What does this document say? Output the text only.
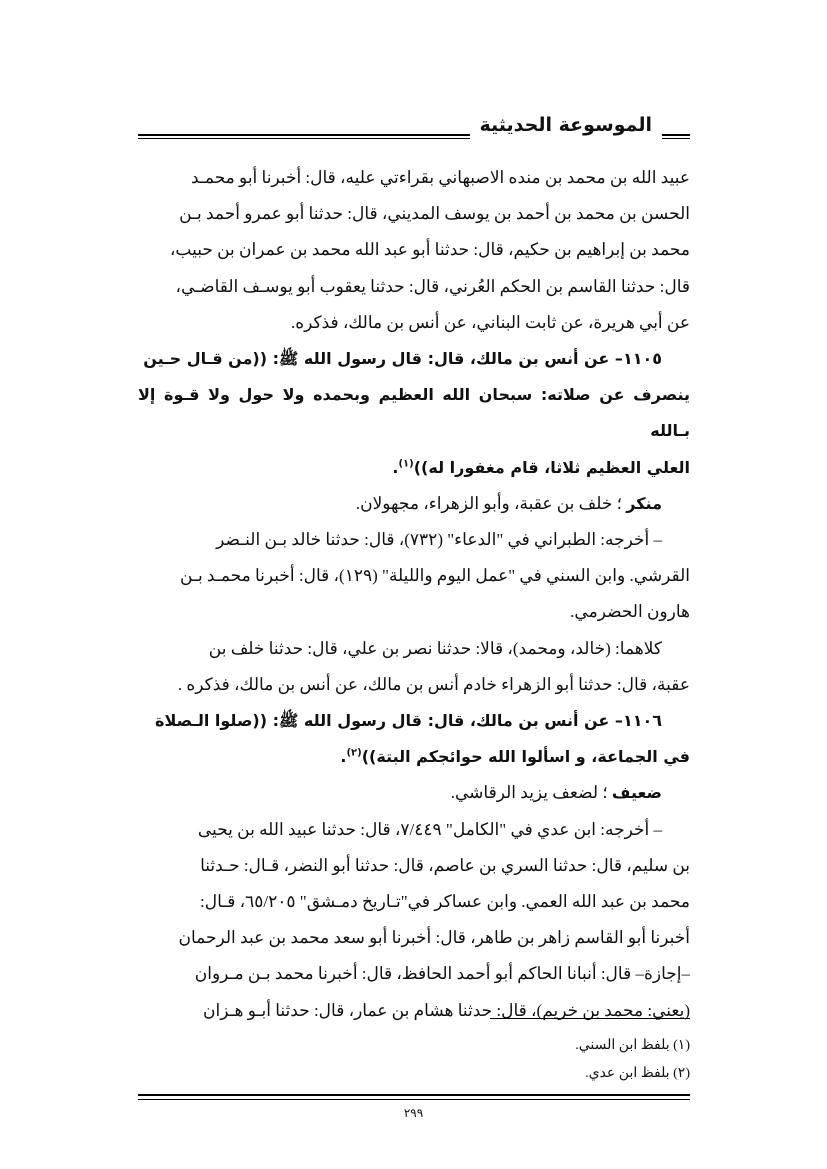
الموسوعة الحديثية

عبيد الله بن محمد بن منده الاصبهاني بقراءتي عليه، قال: أخبرنا أبو محمـد

الحسن بن محمد بن أحمد بن يوسف المديني، قال: حدثنا أبو عمرو أحمد بـن

محمد بن إبراهيم بن حكيم، قال: حدثنا أبو عبد الله محمد بن عمران بن حبيب،

قال: حدثنا القاسم بن الحكم العُرني، قال: حدثنا يعقوب أبو يوسـف القاضـي،

عن أبي هريرة، عن ثابت البناني، عن أنس بن مالك، فذكره.

١١٠٥– عن أنس بن مالك، قال: قال رسول الله ﷺ: ((من قـال حـين

ينصرف عن صلاته: سبحان الله العظيم وبحمده ولا حول ولا قـوة إلا بـالله

العلي العظيم ثلاثا، قام مغفورا له))$^{(١)}$.

منكر ؛ خلف بن عقبة، وأبو الزهراء، مجهولان.

– أخرجه: الطبراني في "الدعاء" (٧٣٢)، قال: حدثنا خالد بـن النـضر

القرشي. وابن السني في "عمل اليوم والليلة" (١٢٩)، قال: أخبرنا محمـد بـن

هارون الحضرمي.

كلاهما: (خالد، ومحمد)، قالا: حدثنا نصر بن علي، قال: حدثنا خلف بن

عقبة، قال: حدثنا أبو الزهراء خادم أنس بن مالك، عن أنس بن مالك، فذكره .

١١٠٦– عن أنس بن مالك، قال: قال رسول الله ﷺ: ((صلوا الـصلاة

في الجماعة، و اسألوا الله حوائجكم البتة))$^{(٢)}$.

ضعيف ؛ لضعف يزيد الرقاشي.

– أخرجه: ابن عدي في "الكامل" ٧/٤٤٩، قال: حدثنا عبيد الله بن يحيى

بن سليم، قال: حدثنا السري بن عاصم، قال: حدثنا أبو النضر، قـال: حـدثنا

محمد بن عبد الله العمي. وابن عساكر في"تـاريخ دمـشق" ٦٥/٢٠٥، قـال:

أخبرنا أبو القاسم زاهر بن طاهر، قال: أخبرنا أبو سعد محمد بن عبد الرحمان

–إجازة– قال: أنبانا الحاكم أبو أحمد الحافظ، قال: أخبرنا محمد بـن مـروان

(يعني: محمد بن خريم)، قال: حدثنا هشام بن عمار، قال: حدثنا أبـو هـزان

(١) بلفظ ابن السني.

(٢) بلفظ ابن عدي.

٢٩٩
